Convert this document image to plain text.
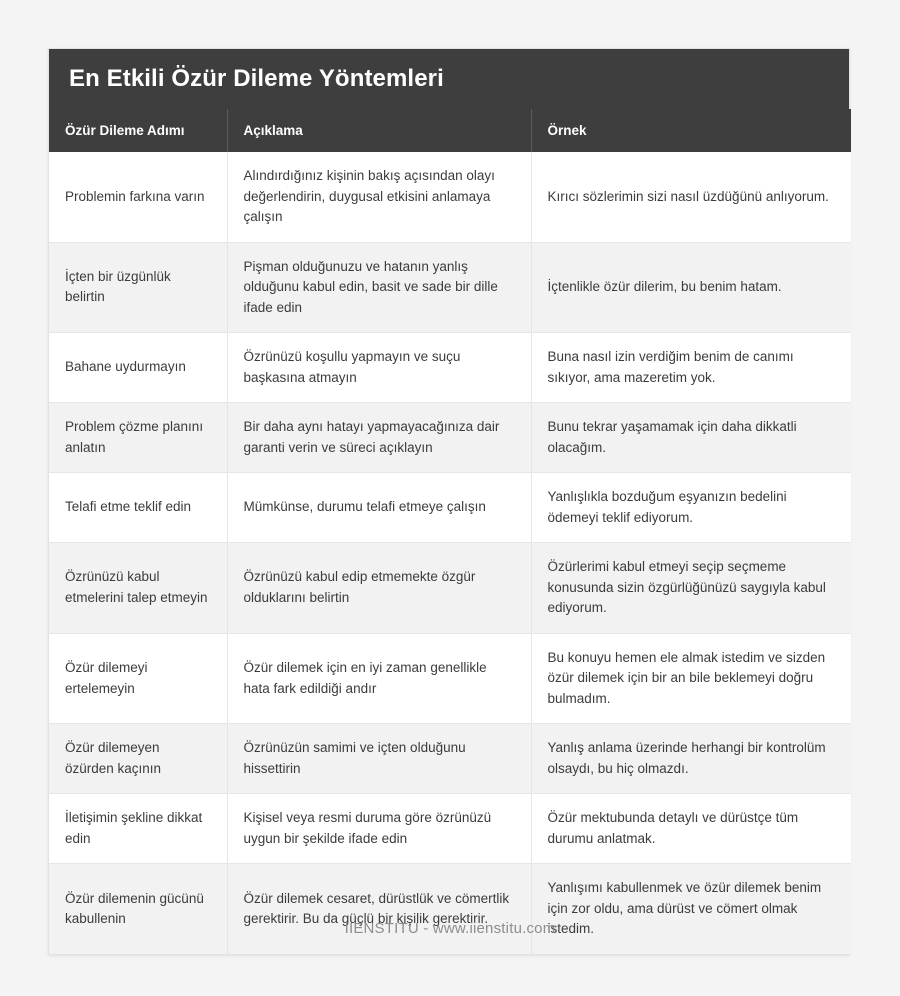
En Etkili Özür Dileme Yöntemleri
Özür Dileme Adımı	Açıklama	Örnek
Problemin farkına varın	Alındırdığınız kişinin bakış açısından olayı değerlendirin, duygusal etkisini anlamaya çalışın	Kırıcı sözlerimin sizi nasıl üzdüğünü anlıyorum.
İçten bir üzgünlük belirtin	Pişman olduğunuzu ve hatanın yanlış olduğunu kabul edin, basit ve sade bir dille ifade edin	İçtenlikle özür dilerim, bu benim hatam.
Bahane uydurmayın	Özrünüzü koşullu yapmayın ve suçu başkasına atmayın	Buna nasıl izin verdiğim benim de canımı sıkıyor, ama mazeretim yok.
Problem çözme planını anlatın	Bir daha aynı hatayı yapmayacağınıza dair garanti verin ve süreci açıklayın	Bunu tekrar yaşamamak için daha dikkatli olacağım.
Telafi etme teklif edin	Mümkünse, durumu telafi etmeye çalışın	Yanlışlıkla bozduğum eşyanızın bedelini ödemeyi teklif ediyorum.
Özrünüzü kabul etmelerini talep etmeyin	Özrünüzü kabul edip etmemekte özgür olduklarını belirtin	Özürlerimi kabul etmeyi seçip seçmeme konusunda sizin özgürlüğünüzü saygıyla kabul ediyorum.
Özür dilemeyi ertelemeyin	Özür dilemek için en iyi zaman genellikle hata fark edildiği andır	Bu konuyu hemen ele almak istedim ve sizden özür dilemek için bir an bile beklemeyi doğru bulmadım.
Özür dilemeyen özürden kaçının	Özrünüzün samimi ve içten olduğunu hissettirin	Yanlış anlama üzerinde herhangi bir kontrolüm olsaydı, bu hiç olmazdı.
İletişimin şekline dikkat edin	Kişisel veya resmi duruma göre özrünüzü uygun bir şekilde ifade edin	Özür mektubunda detaylı ve dürüstçe tüm durumu anlatmak.
Özür dilemenin gücünü kabullenin	Özür dilemek cesaret, dürüstlük ve cömertlik gerektirir. Bu da güçlü bir kişilik gerektirir.	Yanlışımı kabullenmek ve özür dilemek benim için zor oldu, ama dürüst ve cömert olmak istedim.
IIENSTITU - www.iienstitu.com
